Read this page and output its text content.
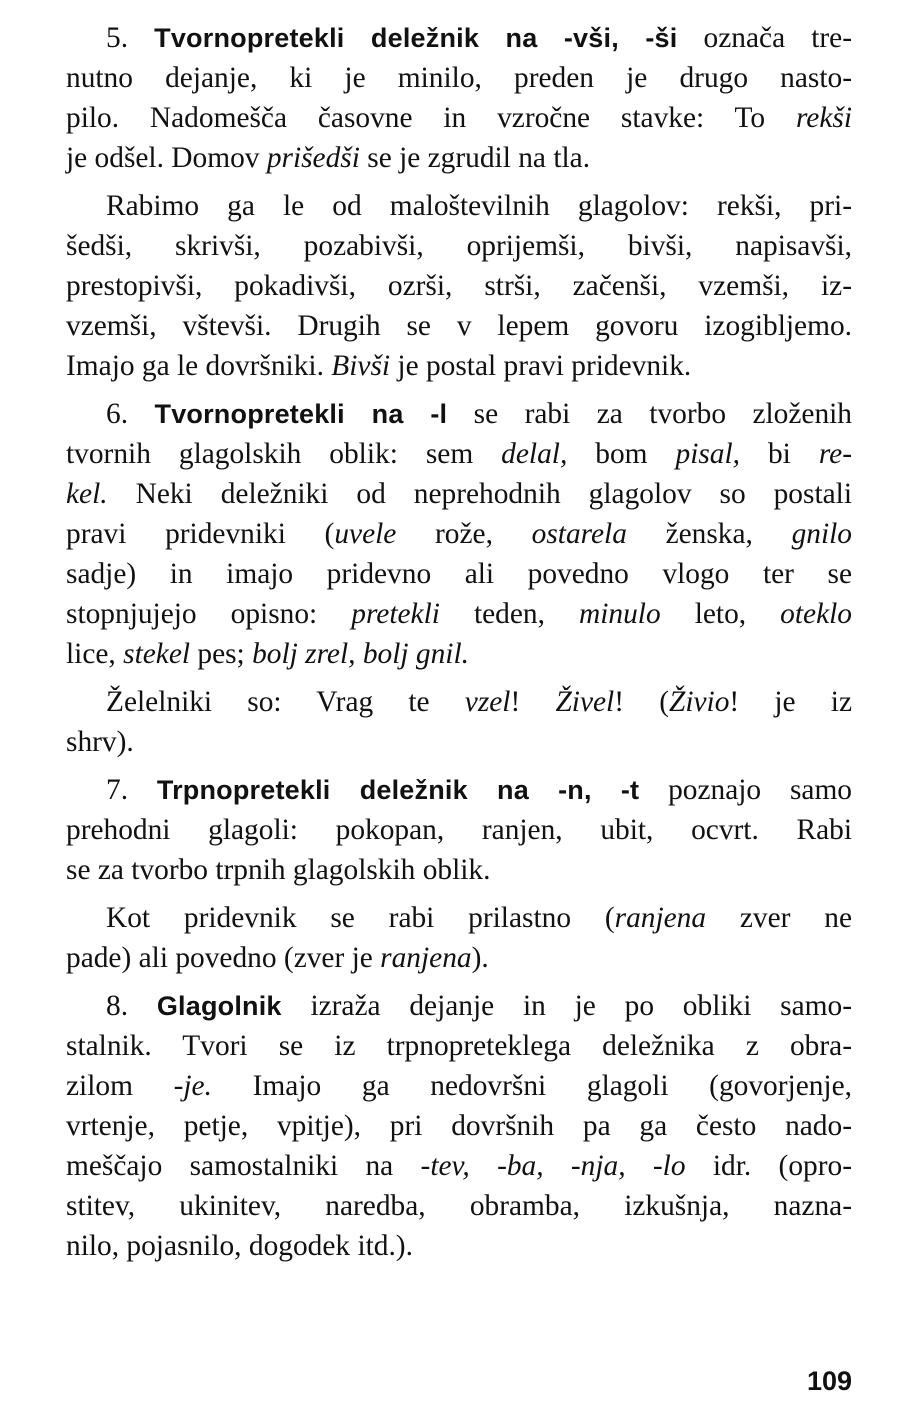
5. Tvornopretekli deležnik na -vši, -ši označa tre-
nutno dejanje, ki je minilo, preden je drugo nasto-
pilo. Nadomešča časovne in vzročne stavke: To rekši
je odšel. Domov prišedši se je zgrudil na tla.
Rabimo ga le od maloštevilnih glagolov: rekši, pri-
šedši, skrivši, pozabivši, oprijemši, bivši, napisavši,
prestopivši, pokadivši, ozrši, strši, začenši, vzemši, iz-
vzemši, vštevši. Drugih se v lepem govoru izogibljemo.
Imajo ga le dovršniki. Bivši je postal pravi pridevnik.
6. Tvornopretekli na -l se rabi za tvorbo zloženih
tvornih glagolskih oblik: sem delal, bom pisal, bi re-
kel. Neki deležniki od neprehodnih glagolov so postali
pravi pridevniki (uvele rože, ostarela ženska, gnilo
sadje) in imajo pridevno ali povedno vlogo ter se
stopnjujejo opisno: pretekli teden, minulo leto, oteklo
lice, stekel pes; bolj zrel, bolj gnil.
Želelniki so: Vrag te vzel! Živel! (Živio! je iz
shrv).
7. Trpnopretekli deležnik na -n, -t poznajo samo
prehodni glagoli: pokopan, ranjen, ubit, ocvrt. Rabi
se za tvorbo trpnih glagolskih oblik.
Kot pridevnik se rabi prilastno (ranjena zver ne
pade) ali povedno (zver je ranjena).
8. Glagolnik izraža dejanje in je po obliki samo-
stalnik. Tvori se iz trpnopreteklega deležnika z obra-
zilom -je. Imajo ga nedovršni glagoli (govorjenje,
vrtenje, petje, vpitje), pri dovršnih pa ga često nado-
meščajo samostalniki na -tev, -ba, -nja, -lo idr. (opro-
stitev, ukinitev, naredba, obramba, izkušnja, nazna-
nilo, pojasnilo, dogodek itd.).
109
